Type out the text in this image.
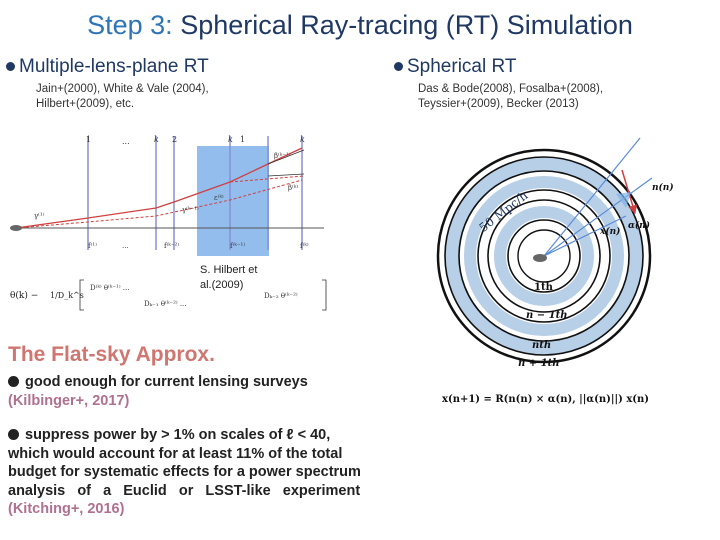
Step 3: Spherical Ray-tracing (RT) Simulation
Multiple-lens-plane RT
Jain+(2000), White & Vale (2004),
Hilbert+(2009), etc.
Spherical RT
Das & Bode(2008), Fosalba+(2008),
Teyssier+(2009), Becker (2013)
1	...	k 2	k 1	k
...
γ⁽¹⁾
γ⁽ᵏ⁻¹⁾
ε⁽ᵏ⁾
β⁽ᵏ⁾
β⁽ᵏ⁻¹⁾
f⁽¹⁾	f⁽ᵏ⁻²⁾	f⁽ᵏ⁻¹⁾	f⁽ᵏ⁾
θ(k) − 1/D_k^s
D⁽ᵏ⁾ θ⁽ᵏ⁻¹⁾ ...
Dₖ₋₁ θ⁽ᵏ⁻²⁾ ...
Dₖ₋₂ θ⁽ᵏ⁻²⁾
S. Hilbert et
al.(2009)
50 Mpc/h
1th
n − 1th
nth
n + 1th
n(n)
α(n)
x(n)
x(n+1) = R(n(n) × α(n), ||α(n)||) x(n)
The Flat-sky Approx.
good enough for current lensing surveys
(Kilbinger+, 2017)
suppress power by > 1% on scales of ℓ < 40,
which would account for at least 11% of the total
budget for systematic effects for a power spectrum
analysis   of   a   Euclid   or   LSST-like   experiment
(Kitching+, 2016)
